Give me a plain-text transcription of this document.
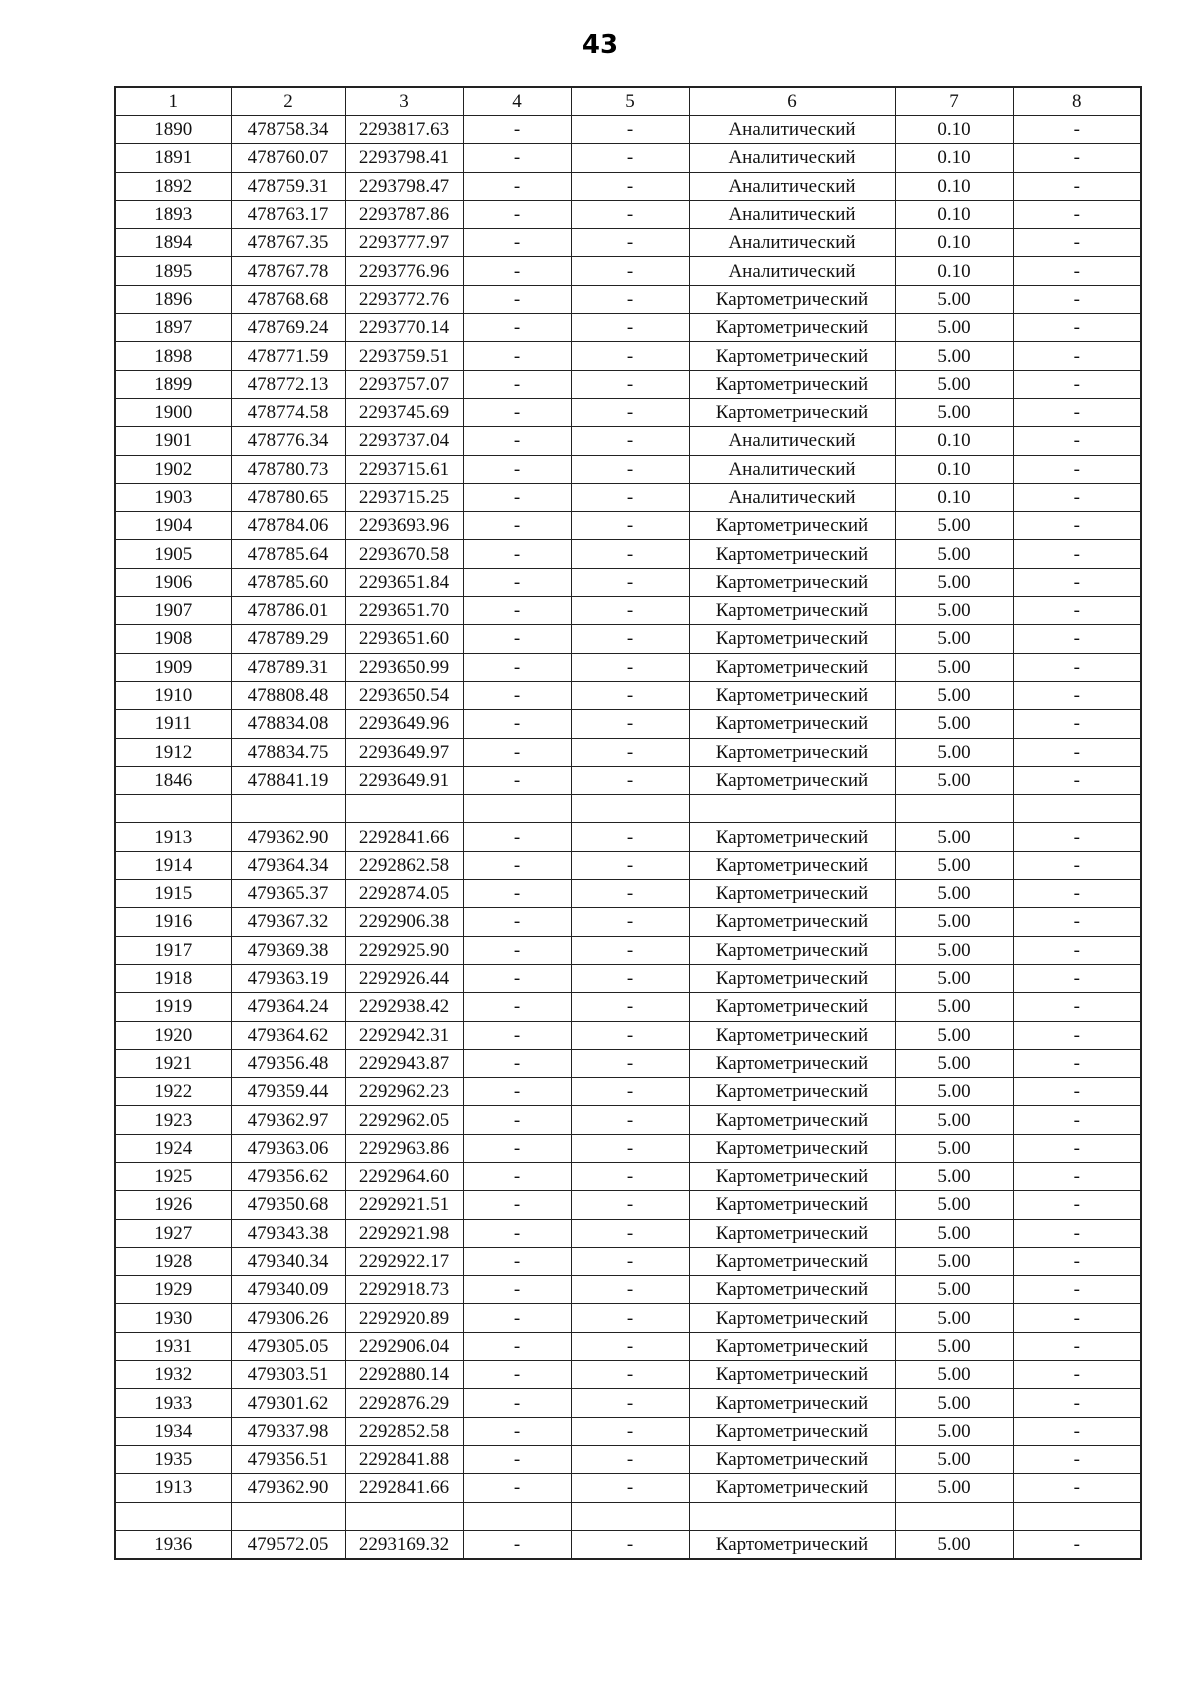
43
1	2	3	4	5	6	7	8
1890	478758.34	2293817.63	-	-	Аналитический	0.10	-
1891	478760.07	2293798.41	-	-	Аналитический	0.10	-
1892	478759.31	2293798.47	-	-	Аналитический	0.10	-
1893	478763.17	2293787.86	-	-	Аналитический	0.10	-
1894	478767.35	2293777.97	-	-	Аналитический	0.10	-
1895	478767.78	2293776.96	-	-	Аналитический	0.10	-
1896	478768.68	2293772.76	-	-	Картометрический	5.00	-
1897	478769.24	2293770.14	-	-	Картометрический	5.00	-
1898	478771.59	2293759.51	-	-	Картометрический	5.00	-
1899	478772.13	2293757.07	-	-	Картометрический	5.00	-
1900	478774.58	2293745.69	-	-	Картометрический	5.00	-
1901	478776.34	2293737.04	-	-	Аналитический	0.10	-
1902	478780.73	2293715.61	-	-	Аналитический	0.10	-
1903	478780.65	2293715.25	-	-	Аналитический	0.10	-
1904	478784.06	2293693.96	-	-	Картометрический	5.00	-
1905	478785.64	2293670.58	-	-	Картометрический	5.00	-
1906	478785.60	2293651.84	-	-	Картометрический	5.00	-
1907	478786.01	2293651.70	-	-	Картометрический	5.00	-
1908	478789.29	2293651.60	-	-	Картометрический	5.00	-
1909	478789.31	2293650.99	-	-	Картометрический	5.00	-
1910	478808.48	2293650.54	-	-	Картометрический	5.00	-
1911	478834.08	2293649.96	-	-	Картометрический	5.00	-
1912	478834.75	2293649.97	-	-	Картометрический	5.00	-
1846	478841.19	2293649.91	-	-	Картометрический	5.00	-

1913	479362.90	2292841.66	-	-	Картометрический	5.00	-
1914	479364.34	2292862.58	-	-	Картометрический	5.00	-
1915	479365.37	2292874.05	-	-	Картометрический	5.00	-
1916	479367.32	2292906.38	-	-	Картометрический	5.00	-
1917	479369.38	2292925.90	-	-	Картометрический	5.00	-
1918	479363.19	2292926.44	-	-	Картометрический	5.00	-
1919	479364.24	2292938.42	-	-	Картометрический	5.00	-
1920	479364.62	2292942.31	-	-	Картометрический	5.00	-
1921	479356.48	2292943.87	-	-	Картометрический	5.00	-
1922	479359.44	2292962.23	-	-	Картометрический	5.00	-
1923	479362.97	2292962.05	-	-	Картометрический	5.00	-
1924	479363.06	2292963.86	-	-	Картометрический	5.00	-
1925	479356.62	2292964.60	-	-	Картометрический	5.00	-
1926	479350.68	2292921.51	-	-	Картометрический	5.00	-
1927	479343.38	2292921.98	-	-	Картометрический	5.00	-
1928	479340.34	2292922.17	-	-	Картометрический	5.00	-
1929	479340.09	2292918.73	-	-	Картометрический	5.00	-
1930	479306.26	2292920.89	-	-	Картометрический	5.00	-
1931	479305.05	2292906.04	-	-	Картометрический	5.00	-
1932	479303.51	2292880.14	-	-	Картометрический	5.00	-
1933	479301.62	2292876.29	-	-	Картометрический	5.00	-
1934	479337.98	2292852.58	-	-	Картометрический	5.00	-
1935	479356.51	2292841.88	-	-	Картометрический	5.00	-
1913	479362.90	2292841.66	-	-	Картометрический	5.00	-

1936	479572.05	2293169.32	-	-	Картометрический	5.00	-
